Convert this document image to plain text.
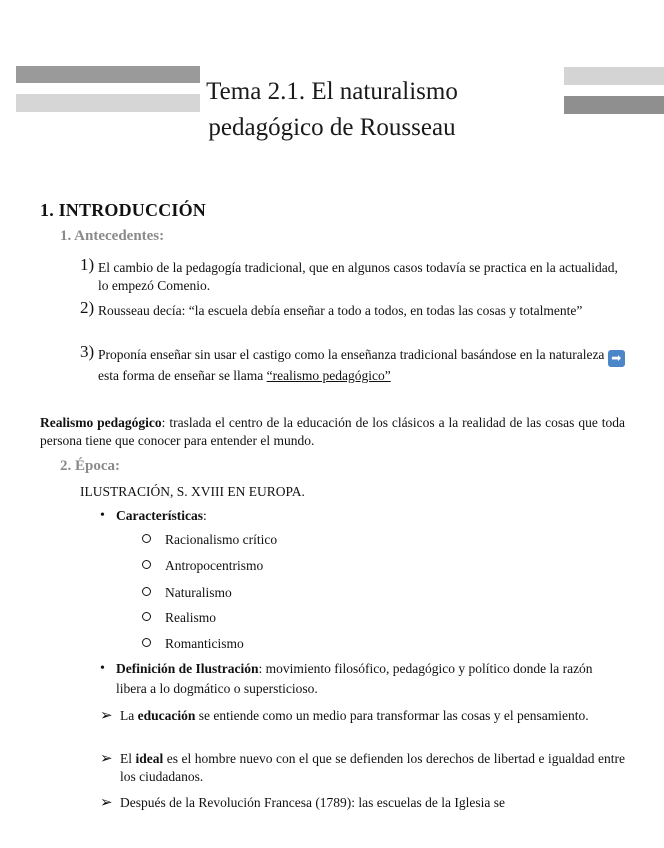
Tema 2.1. El naturalismo
pedagógico de Rousseau
1. INTRODUCCIÓN
1. Antecedentes:
1) El cambio de la pedagogía tradicional, que en algunos casos todavía se practica en la actualidad, lo empezó Comenio.
2) Rousseau decía: “la escuela debía enseñar a todo a todos, en todas las cosas y totalmente”
3) Proponía enseñar sin usar el castigo como la enseñanza tradicional basándose en la naturaleza ➡ esta forma de enseñar se llama “realismo pedagógico”
Realismo pedagógico: traslada el centro de la educación de los clásicos a la realidad de las cosas que toda persona tiene que conocer para entender el mundo.
2. Época:
ILUSTRACIÓN, S. XVIII EN EUROPA.
• Características:
Racionalismo crítico
Antropocentrismo
Naturalismo
Realismo
Romanticismo
• Definición de Ilustración: movimiento filosófico, pedagógico y político donde la razón libera a lo dogmático o supersticioso.
➢ La educación se entiende como un medio para transformar las cosas y el pensamiento.
➢ El ideal es el hombre nuevo con el que se defienden los derechos de libertad e igualdad entre los ciudadanos.
➢ Después de la Revolución Francesa (1789): las escuelas de la Iglesia se
